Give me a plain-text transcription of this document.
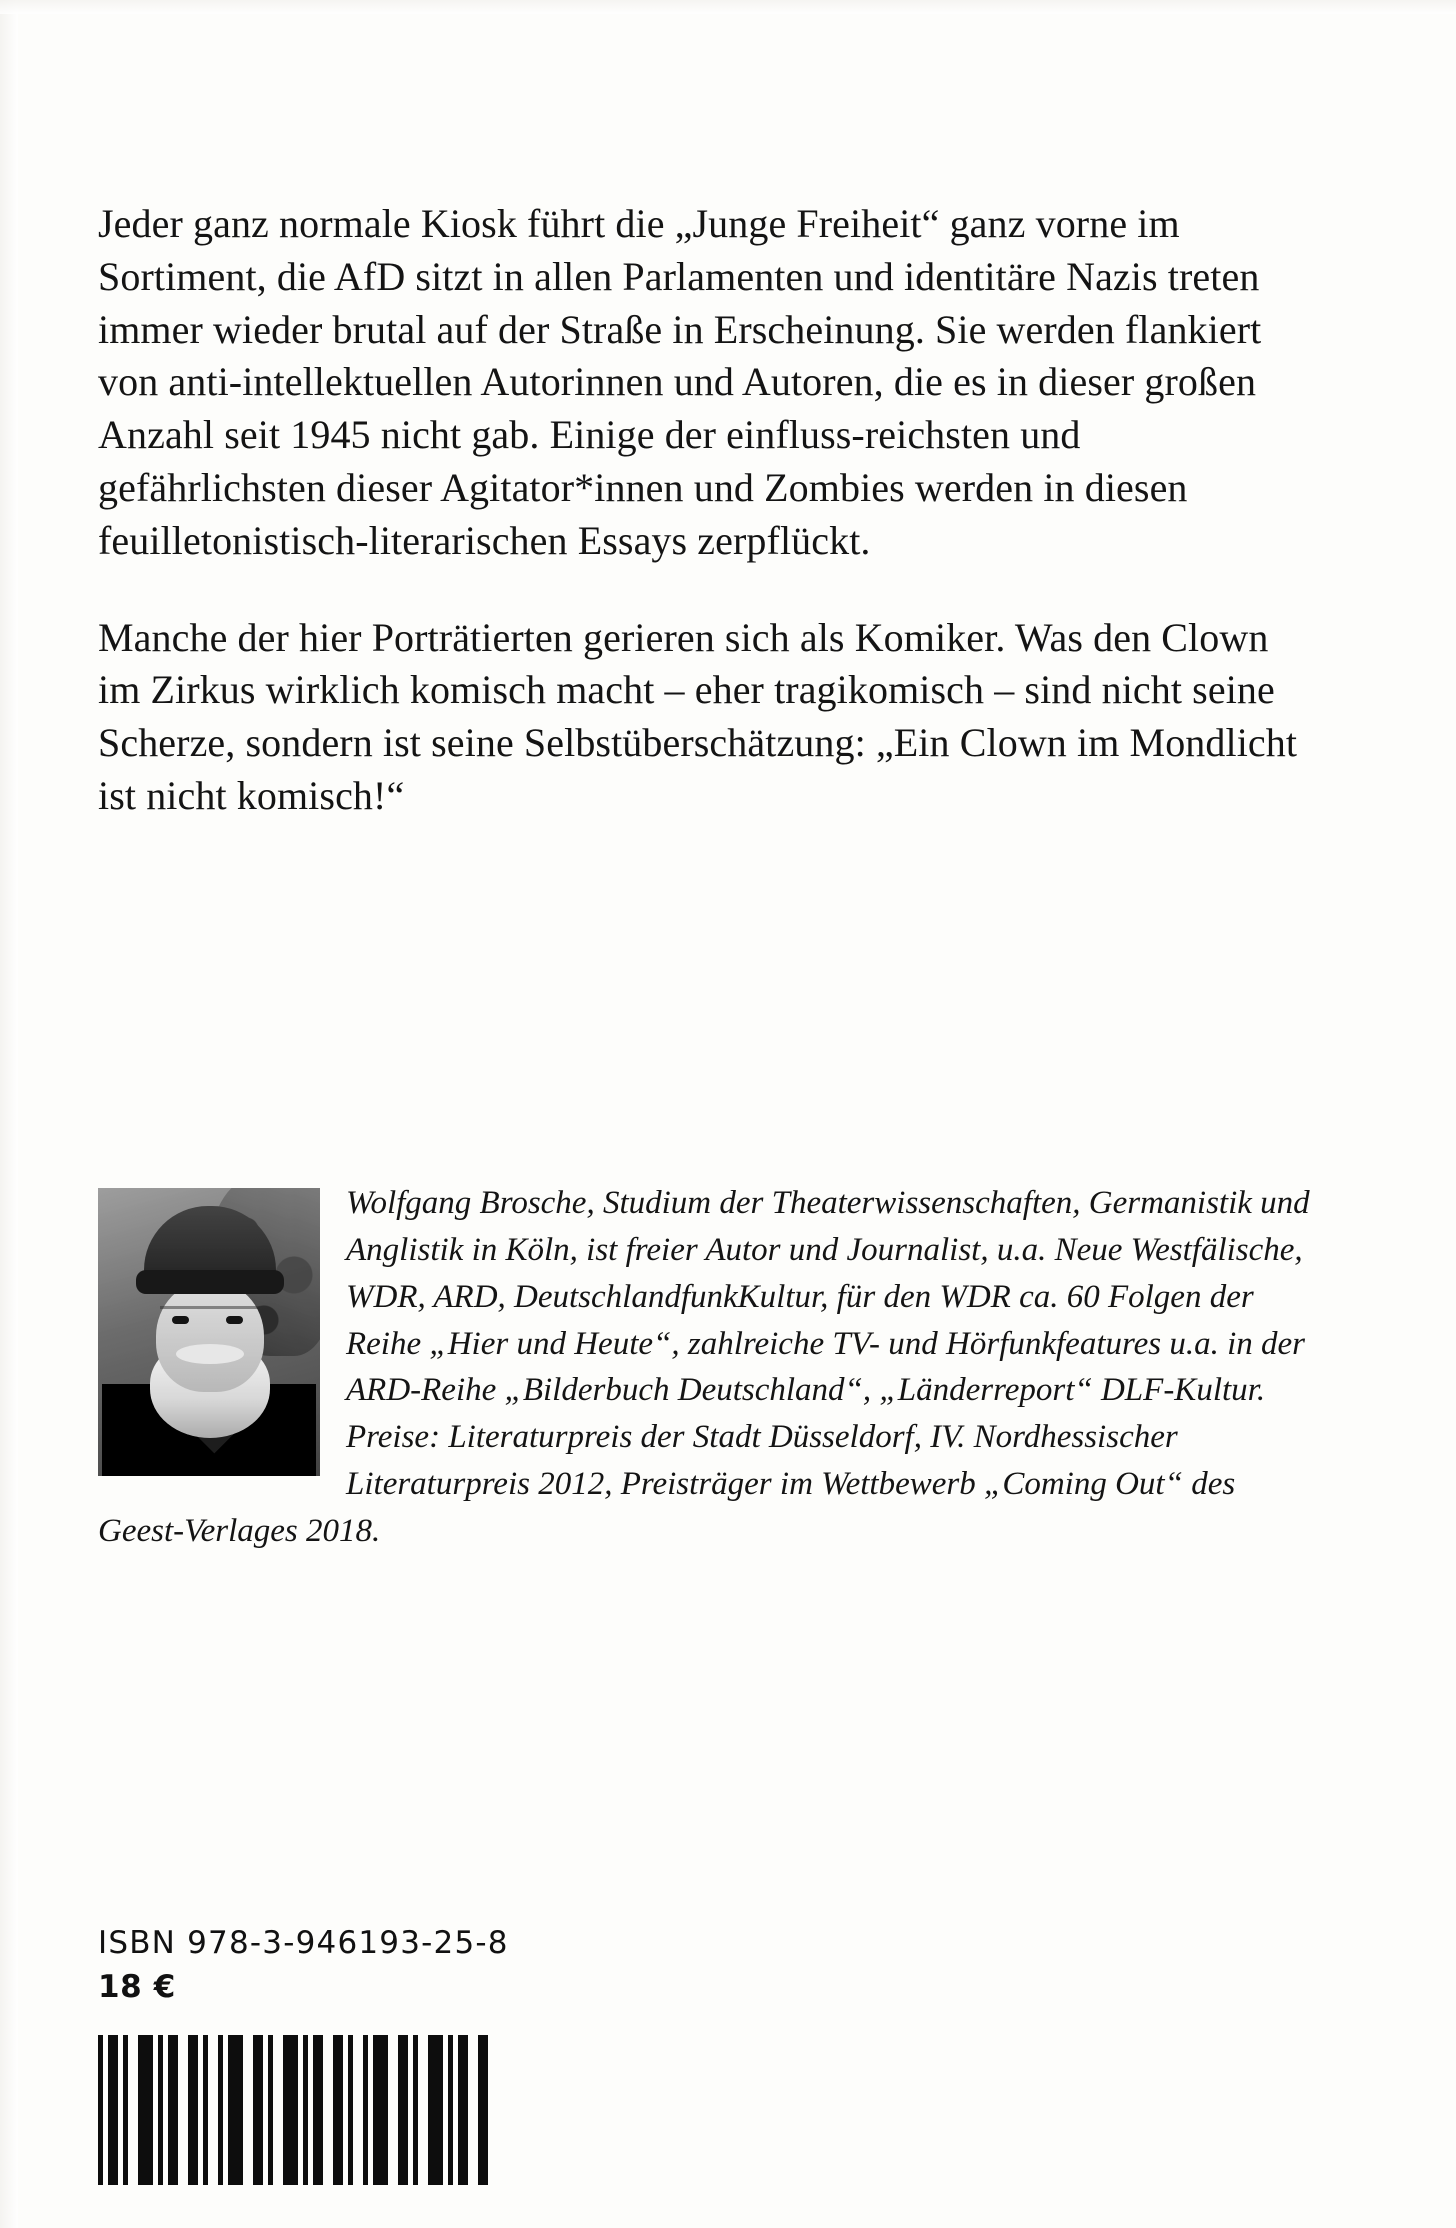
Jeder ganz normale Kiosk führt die „Junge Freiheit“ ganz vorne im Sortiment, die AfD sitzt in allen Parlamenten und identitäre Nazis treten immer wieder brutal auf der Straße in Erscheinung. Sie werden flankiert von anti-intellektuellen Autorinnen und Autoren, die es in dieser großen Anzahl seit 1945 nicht gab. Einige der einfluss-reichsten und gefährlichsten dieser Agitator*innen und Zombies werden in diesen feuilletonistisch-literarischen Essays zerpflückt.

Manche der hier Porträtierten gerieren sich als Komiker. Was den Clown im Zirkus wirklich komisch macht – eher tragikomisch – sind nicht seine Scherze, sondern ist seine Selbstüberschätzung: „Ein Clown im Mondlicht ist nicht komisch!“

Wolfgang Brosche, Studium der Theaterwissenschaften, Germanistik und Anglistik in Köln, ist freier Autor und Journalist, u.a. Neue Westfälische, WDR, ARD, DeutschlandfunkKultur, für den WDR ca. 60 Folgen der Reihe „Hier und Heute“, zahlreiche TV- und Hörfunkfeatures u.a. in der ARD-Reihe „Bilderbuch Deutschland“, „Länderreport“ DLF-Kultur. Preise: Literaturpreis der Stadt Düsseldorf, IV. Nordhessischer Literaturpreis 2012, Preisträger im Wettbewerb „Coming Out“ des Geest-Verlages 2018.
ISBN 978-3-946193-25-8
18 €
